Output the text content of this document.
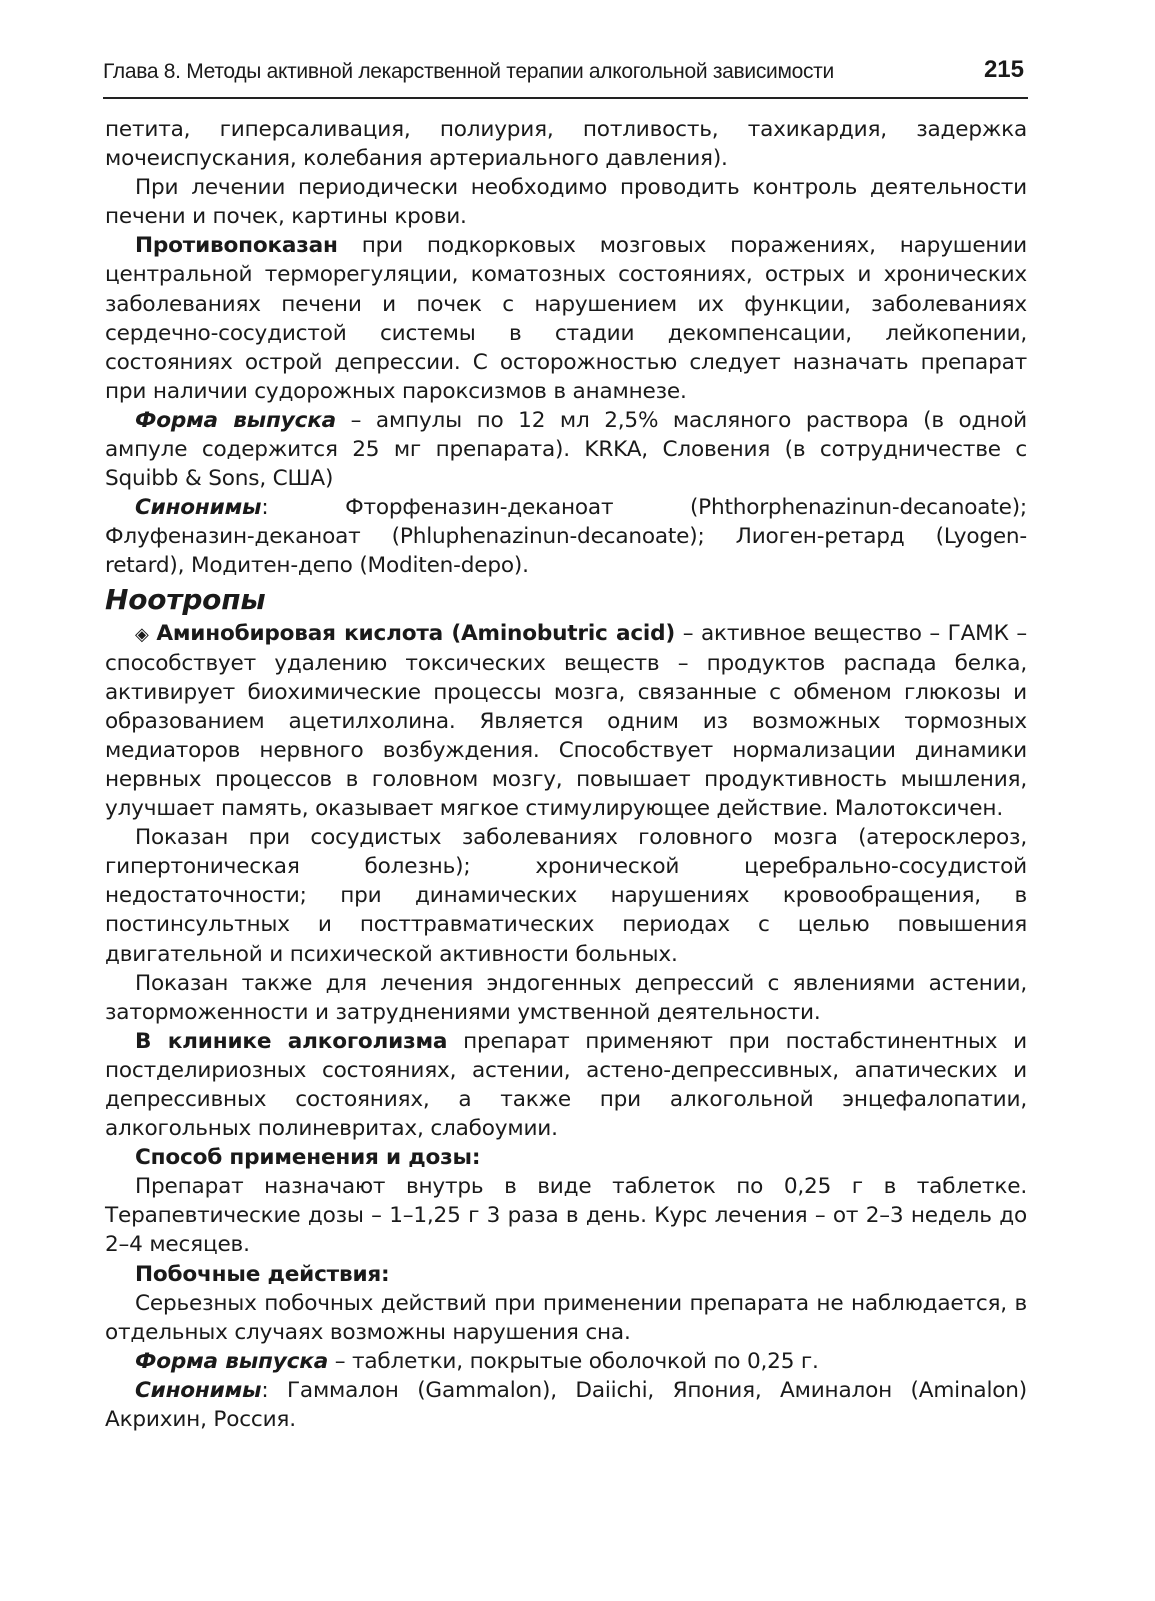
Глава 8. Методы активной лекарственной терапии алкогольной зависимости	215

петита, гиперсаливация, полиурия, потливость, тахикардия, задержка мочеиспускания, колебания артериального давления).

При лечении периодически необходимо проводить контроль деятельности печени и почек, картины крови.

Противопоказан при подкорковых мозговых поражениях, нарушении центральной терморегуляции, коматозных состояниях, острых и хронических заболеваниях печени и почек с нарушением их функции, заболеваниях сердечно-сосудистой системы в стадии декомпенсации, лейкопении, состояниях острой депрессии. С осторожностью следует назначать препарат при наличии судорожных пароксизмов в анамнезе.

Форма выпуска – ампулы по 12 мл 2,5% масляного раствора (в одной ампуле содержится 25 мг препарата). KRKA, Словения (в сотрудничестве с Squibb & Sons, США)

Синонимы: Фторфеназин-деканоат (Phthorphenazinun-decanoate); Флуфеназин-деканоат (Phluphenazinun-decanoate); Лиоген-ретард (Lyogen-retard), Модитен-депо (Moditen-depo).

Ноотропы

◈ Аминобировая кислота (Aminobutric acid) – активное вещество – ГАМК – способствует удалению токсических веществ – продуктов распада белка, активирует биохимические процессы мозга, связанные с обменом глюкозы и образованием ацетилхолина. Является одним из возможных тормозных медиаторов нервного возбуждения. Способствует нормализации динамики нервных процессов в головном мозгу, повышает продуктивность мышления, улучшает память, оказывает мягкое стимулирующее действие. Малотоксичен.

Показан при сосудистых заболеваниях головного мозга (атеросклероз, гипертоническая болезнь); хронической церебрально-сосудистой недостаточности; при динамических нарушениях кровообращения, в постинсультных и посттравматических периодах с целью повышения двигательной и психической активности больных.

Показан также для лечения эндогенных депрессий с явлениями астении, заторможенности и затруднениями умственной деятельности.

В клинике алкоголизма препарат применяют при постабстинентных и постделириозных состояниях, астении, астено-депрессивных, апатических и депрессивных состояниях, а также при алкогольной энцефалопатии, алкогольных полиневритах, слабоумии.

Способ применения и дозы:

Препарат назначают внутрь в виде таблеток по 0,25 г в таблетке. Терапевтические дозы – 1–1,25 г 3 раза в день. Курс лечения – от 2–3 недель до 2–4 месяцев.

Побочные действия:

Серьезных побочных действий при применении препарата не наблюдается, в отдельных случаях возможны нарушения сна.

Форма выпуска – таблетки, покрытые оболочкой по 0,25 г.

Синонимы: Гаммалон (Gammalon), Daiichi, Япония, Аминалон (Aminalon) Акрихин, Россия.
